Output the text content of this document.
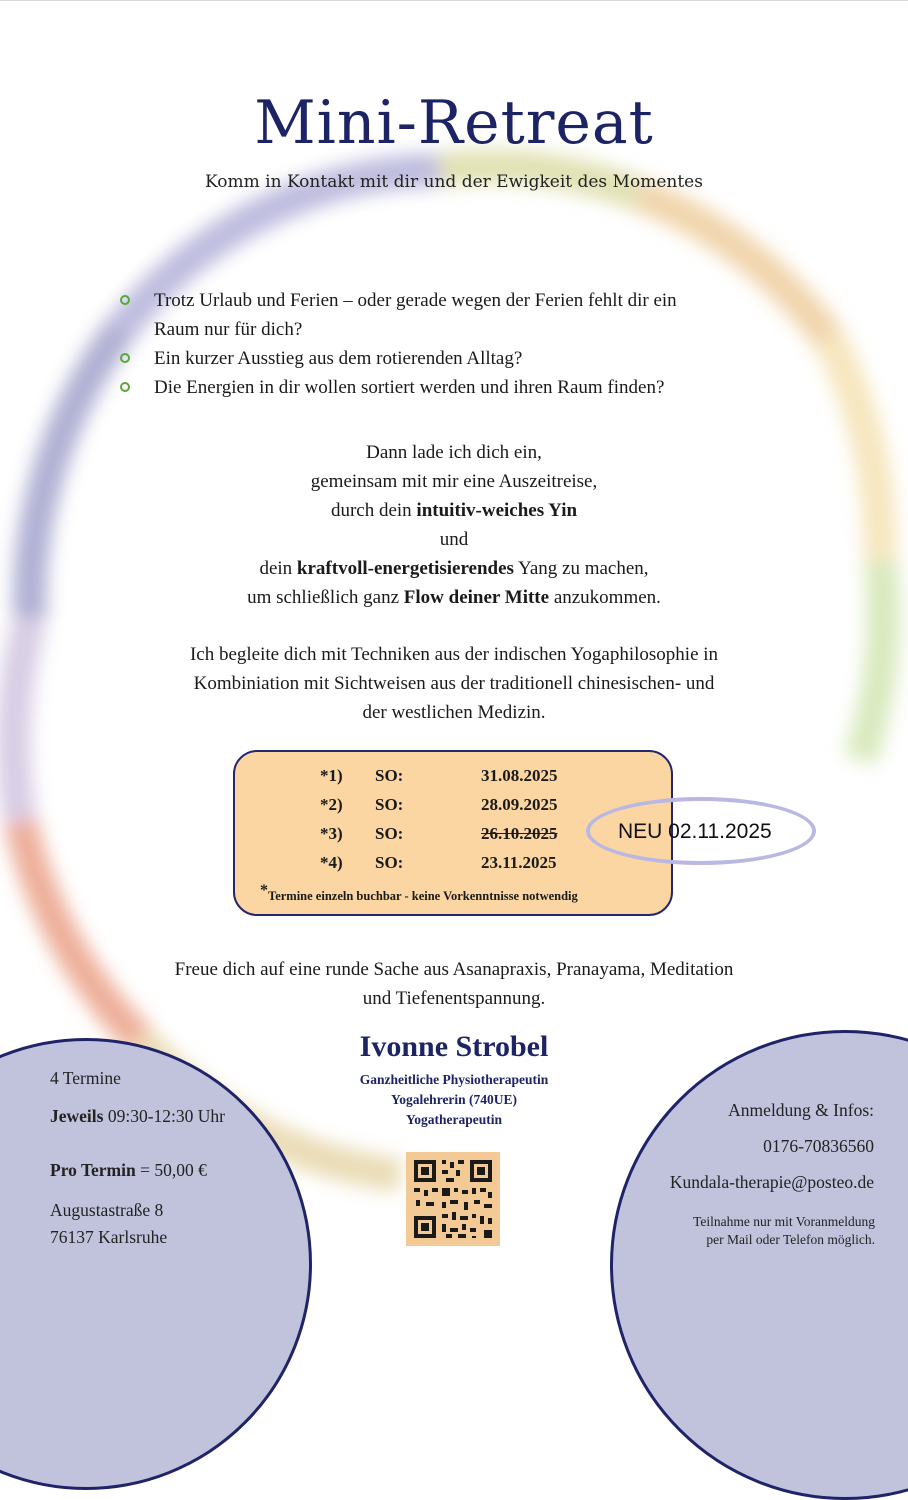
Mini-Retreat
Komm in Kontakt mit dir und der Ewigkeit des Momentes
Trotz Urlaub und Ferien – oder gerade wegen der Ferien fehlt dir ein
Raum nur für dich?
Ein kurzer Ausstieg aus dem rotierenden Alltag?
Die Energien in dir wollen sortiert werden und ihren Raum finden?
Dann lade ich dich ein,
gemeinsam mit mir eine Auszeitreise,
durch dein intuitiv-weiches Yin
und
dein kraftvoll-energetisierendes Yang zu machen,
um schließlich ganz Flow deiner Mitte anzukommen.
Ich begleite dich mit Techniken aus der indischen Yogaphilosophie in
Kombiniation mit Sichtweisen aus der traditionell chinesischen- und
der westlichen Medizin.
*1) SO:	31.08.2025
*2) SO:	28.09.2025
*3) SO:	26.10.2025
*4) SO:	23.11.2025
*Termine einzeln buchbar - keine Vorkenntnisse notwendig
NEU 02.11.2025
Freue dich auf eine runde Sache aus Asanapraxis, Pranayama, Meditation
und Tiefenentspannung.
4 Termine
Jeweils 09:30-12:30 Uhr
Pro Termin = 50,00 €
Augustastraße 8
76137 Karlsruhe
Ivonne Strobel
Ganzheitliche Physiotherapeutin
Yogalehrerin (740UE)
Yogatherapeutin	Anmeldung & Infos:
0176-70836560
Kundala-therapie@posteo.de
Teilnahme nur mit Voranmeldung
per Mail oder Telefon möglich.
